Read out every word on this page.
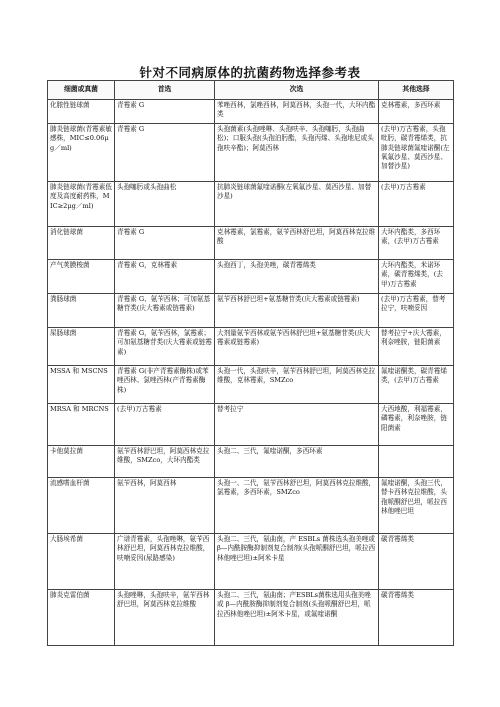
针对不同病原体的抗菌药物选择参考表
细菌或真菌	首选	次选	其他选择
化脓性链球菌	青霉素 G	苯唑西林，氯唑西林，阿莫西林，头孢一代，大环内酯类	克林霉素，多西环素
肺炎链球菌(青霉素敏感株，MIC≤0.06μg／ml)	青霉素 G	头孢菌素(头孢唑啉、头孢呋辛、头孢噻肟，头孢曲松)；口服头孢(头孢泊肟酯，头孢丙烯、头孢地尼或头孢呋辛酯)；阿莫西林	(去甲)万古霉素，头孢吡肟，碳青霉烯类，抗肺炎链球菌氟喹诺酮(左氧氟沙星、莫西沙星、加替沙星)
肺炎链球菌(青霉素低度及高度耐药株，MIC≥2μg／ml)	头孢噻肟或头孢曲松	抗肺炎链球菌氟喹诺酮(左氧氟沙星、莫西沙星、加替沙星)	(去甲)万古霉素
消化链球菌	青霉素 G	克林霉素，氯霉素，氨苄西林舒巴坦，阿莫西林克拉维酸	大环内酯类，多西环素，(去甲)万古霉素
产气荚膜梭菌	青霉素 G，克林霉素	头孢西丁，头孢美唑，碳青霉烯类	大环内酯类，米诺环素，碳青霉烯类，(去甲)万古霉素
粪肠球菌	青霉素 G、氨苄西林；可加氨基糖苷类(庆大霉素或链霉素)	氨苄西林舒巴坦+氨基糖苷类(庆大霉素或链霉素)	(去甲)万古霉素，替考拉宁，呋喃妥因
屎肠球菌	青霉素 G，氨苄西林，氯霉素；可加氨基糖苷类(庆大霉素或链霉素)	大剂量氨苄西林或氨苄西林舒巴坦+氨基糖苷类(庆大霉素或链霉素)	替考拉宁+庆大霉素，利奈唑胺，链阳菌素
MSSA 和 MSCNS	青霉素 G(非产青霉素酶株)或苯唑西林、氯唑西林(产青霉素酶株)	头孢一代，头孢呋辛，氨苄西林舒巴坦，阿莫西林克拉维酸，克林霉素，SMZco	氟喹诺酮类，碳青霉烯类，(去甲)万古霉素
MRSA 和 MRCNS	(去甲)万古霉素	替考拉宁	大西地酸，利福霉素，磷霉素，利奈唑胺，链阳菌素
卡他莫拉菌	氨苄西林舒巴坦，阿莫西林克拉维酸，SMZco，大环内酯类	头孢二、三代，氟喹诺酮，多西环素	
流感嗜血杆菌	氨苄西林，阿莫西林	头孢一、二代，氨苄西林舒巴坦，阿莫西林克拉维酸，氯霉素，多西环素，SMZco	氟喹诺酮，头孢三代，替卡西林克拉维酸，头孢哌酮舒巴坦，哌拉西林他唑巴坦
大肠埃希菌	广谱青霉素，头孢唑啉，氨苄西林舒巴坦，阿莫西林克拉维酸，呋喃妥因(尿路感染)	头孢二、三代，氨曲南，产 ESBLs 菌株选头孢美唑或 β—内酰胺酶抑制剂复合制剂(头孢哌酮舒巴坦，哌拉西林他唑巴坦)±阿米卡星	碳青霉烯类
肺炎克雷伯菌	头孢唑啉，头孢呋辛，氨苄西林舒巴坦，阿莫西林克拉维酸	头孢二、三代，氨曲南；产ESBLs菌株选用头孢美唑或 β—内酰胺酶抑制剂复合制剂(头孢哌酮舒巴坦，哌拉西林他唑巴坦)±阿米卡星，或氟喹诺酮	碳青霉烯类
